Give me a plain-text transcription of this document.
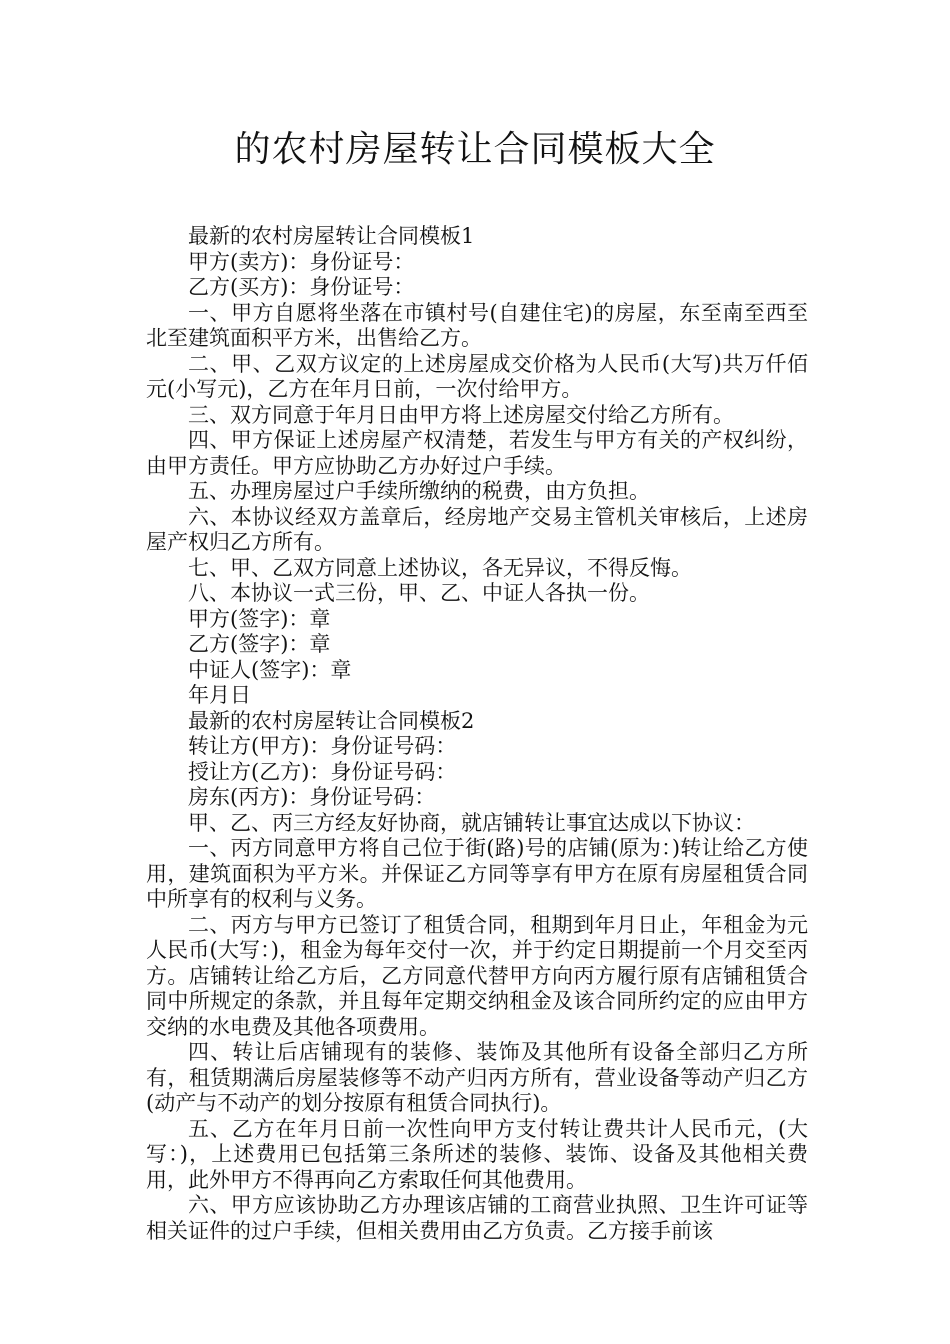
的农村房屋转让合同模板大全

最新的农村房屋转让合同模板1

甲方(卖方)：身份证号：

乙方(买方)：身份证号：

一、甲方自愿将坐落在市镇村号(自建住宅)的房屋，东至南至西至北至建筑面积平方米，出售给乙方。

二、甲、乙双方议定的上述房屋成交价格为人民币(大写)共万仟佰元(小写元)，乙方在年月日前，一次付给甲方。

三、双方同意于年月日由甲方将上述房屋交付给乙方所有。

四、甲方保证上述房屋产权清楚，若发生与甲方有关的产权纠纷，由甲方责任。甲方应协助乙方办好过户手续。

五、办理房屋过户手续所缴纳的税费，由方负担。

六、本协议经双方盖章后，经房地产交易主管机关审核后，上述房屋产权归乙方所有。

七、甲、乙双方同意上述协议，各无异议，不得反悔。

八、本协议一式三份，甲、乙、中证人各执一份。

甲方(签字)：章

乙方(签字)：章

中证人(签字)：章

年月日

最新的农村房屋转让合同模板2

转让方(甲方)：身份证号码：

授让方(乙方)：身份证号码：

房东(丙方)：身份证号码：

甲、乙、丙三方经友好协商，就店铺转让事宜达成以下协议：

一、丙方同意甲方将自己位于街(路)号的店铺(原为：)转让给乙方使用，建筑面积为平方米。并保证乙方同等享有甲方在原有房屋租赁合同中所享有的权利与义务。

二、丙方与甲方已签订了租赁合同，租期到年月日止，年租金为元人民币(大写：)，租金为每年交付一次，并于约定日期提前一个月交至丙方。店铺转让给乙方后，乙方同意代替甲方向丙方履行原有店铺租赁合同中所规定的条款，并且每年定期交纳租金及该合同所约定的应由甲方交纳的水电费及其他各项费用。

四、转让后店铺现有的装修、装饰及其他所有设备全部归乙方所有，租赁期满后房屋装修等不动产归丙方所有，营业设备等动产归乙方(动产与不动产的划分按原有租赁合同执行)。

五、乙方在年月日前一次性向甲方支付转让费共计人民币元，(大写：)，上述费用已包括第三条所述的装修、装饰、设备及其他相关费用，此外甲方不得再向乙方索取任何其他费用。

六、甲方应该协助乙方办理该店铺的工商营业执照、卫生许可证等相关证件的过户手续，但相关费用由乙方负责。乙方接手前该
